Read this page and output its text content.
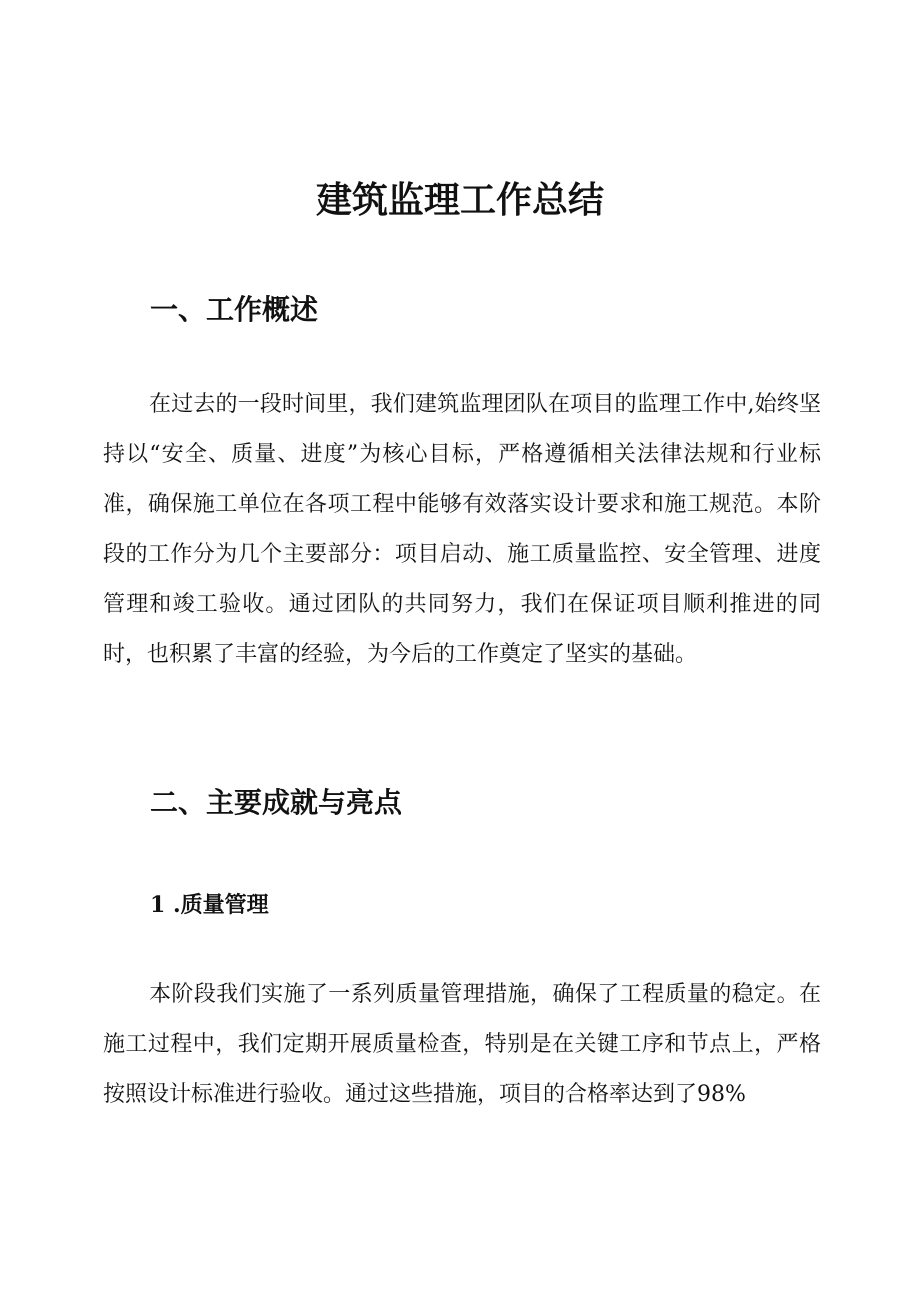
建筑监理工作总结
一、工作概述

在过去的一段时间里，我们建筑监理团队在项目的监理工作中,始终坚持以“安全、质量、进度”为核心目标，严格遵循相关法律法规和行业标准，确保施工单位在各项工程中能够有效落实设计要求和施工规范。本阶段的工作分为几个主要部分：项目启动、施工质量监控、安全管理、进度管理和竣工验收。通过团队的共同努力，我们在保证项目顺利推进的同时，也积累了丰富的经验，为今后的工作奠定了坚实的基础。

二、主要成就与亮点
1 .质量管理

本阶段我们实施了一系列质量管理措施，确保了工程质量的稳定。在施工过程中，我们定期开展质量检查，特别是在关键工序和节点上，严格按照设计标准进行验收。通过这些措施，项目的合格率达到了98%
